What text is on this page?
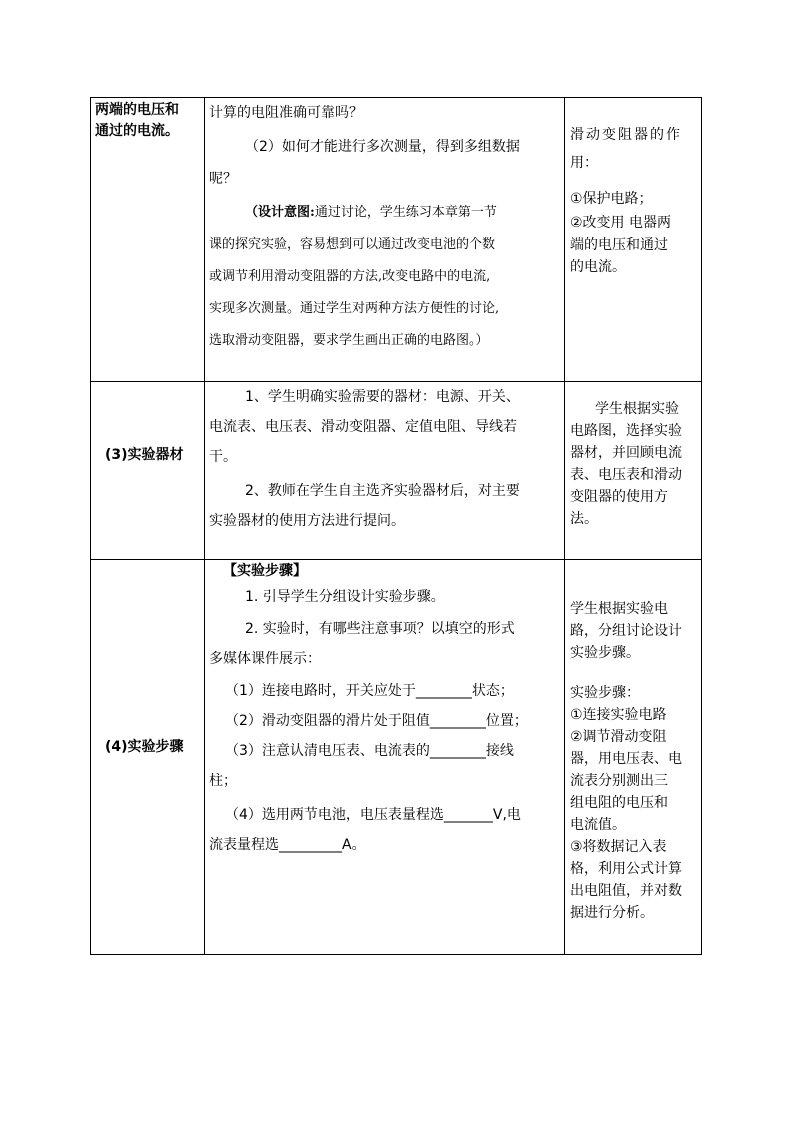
两端的电压和
通过的电流。
计算的电阻准确可靠吗？
（2）如何才能进行多次测量，得到多组数据
呢？
（设计意图:通过讨论，学生练习本章第一节
课的探究实验，容易想到可以通过改变电池的个数
或调节利用滑动变阻器的方法,改变电路中的电流,
实现多次测量。通过学生对两种方法方便性的讨论,
选取滑动变阻器，要求学生画出正确的电路图。）
滑动变阻器的作
用：
①保护电路；
②改变用 电器两
端的电压和通过
的电流。
(3)实验器材
1、学生明确实验需要的器材：电源、开关、
电流表、电压表、滑动变阻器、定值电阻、导线若
干。
2、教师在学生自主选齐实验器材后，对主要
实验器材的使用方法进行提问。
学生根据实验
电路图，选择实验
器材，并回顾电流
表、电压表和滑动
变阻器的使用方
法。
(4)实验步骤
【实验步骤】
1. 引导学生分组设计实验步骤。
2. 实验时，有哪些注意事项？以填空的形式
多媒体课件展示：
（1）连接电路时，开关应处于________状态；
（2）滑动变阻器的滑片处于阻值________位置；
（3）注意认清电压表、电流表的________接线
柱；
（4）选用两节电池，电压表量程选_______V,电
流表量程选_________A。
学生根据实验电
路，分组讨论设计
实验步骤。
实验步骤：
①连接实验电路
②调节滑动变阻
器，用电压表、电
流表分别测出三
组电阻的电压和
电流值。
③将数据记入表
格，利用公式计算
出电阻值，并对数
据进行分析。
